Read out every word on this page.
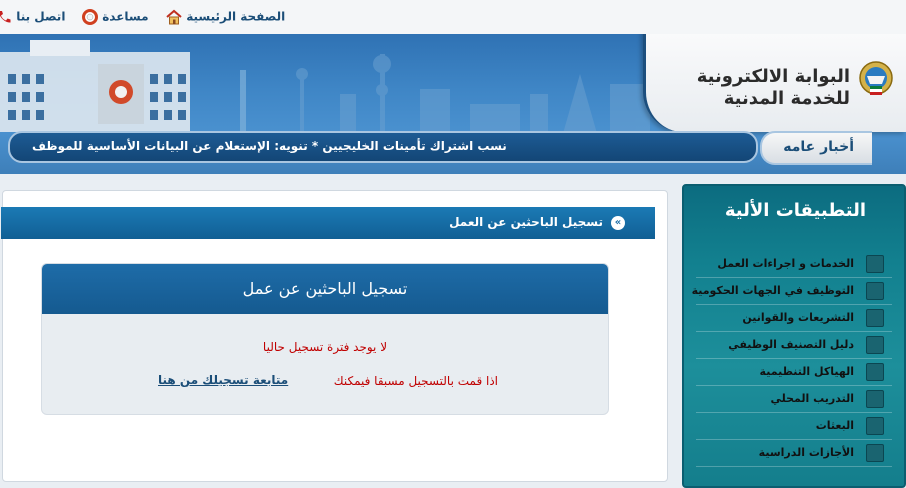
الصفحة الرئيسية
مساعدة
اتصل بنا
البوابة الالكترونية
للخدمة المدنية
نسب اشتراك تأمينات الخليجيين * تنويه: الإستعلام عن البيانات الأساسية للموظف	أخبار عامه
تسجيل الباحثين عن العمل	«
تسجيل الباحثين عن عمل
لا يوجد فترة تسجيل حاليا
اذا قمت بالتسجيل مسبقا فيمكنك
متابعة تسجيلك من هنا
التطبيقات الألية
الخدمات و اجراءات العمل
التوظيف في الجهات الحكومية
التشريعات والقوانين
دليل التصنيف الوظيفي
الهياكل التنظيمية
التدريب المحلي
البعثات
الأجازات الدراسية
